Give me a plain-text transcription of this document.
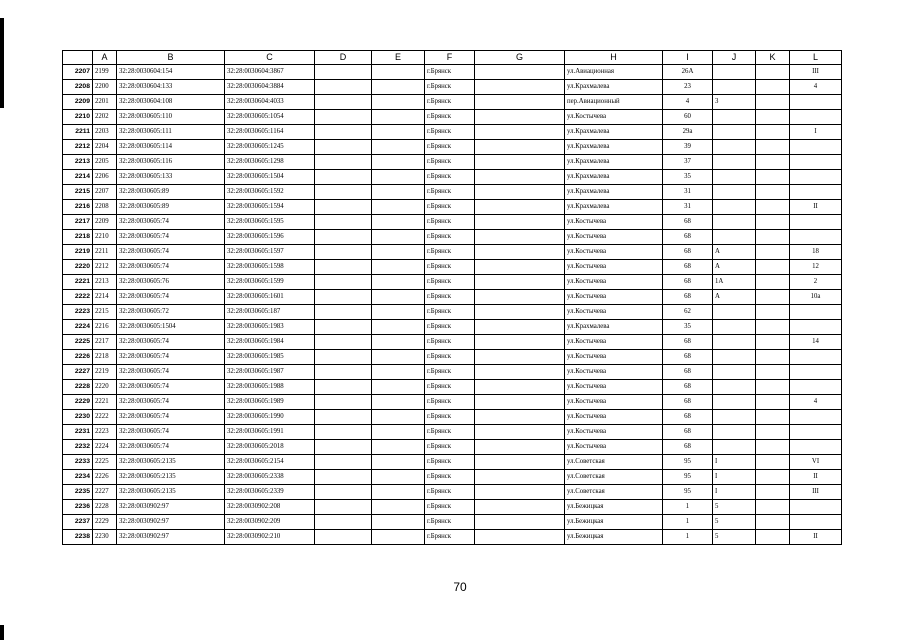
	A	B	C	D	E	F	G	H	I	J	K	L
2207	2199	32:28:0030604:154	32:28:0030604:3867			г.Брянск		ул.Авиационная	26А			III
2208	2200	32:28:0030604:133	32:28:0030604:3884			г.Брянск		ул.Крахмалева	23			4
2209	2201	32:28:0030604:108	32:28:0030604:4033			г.Брянск		пер.Авиационный	4	3		
2210	2202	32:28:0030605:110	32:28:0030605:1054			г.Брянск		ул.Костычева	60			
2211	2203	32:28:0030605:111	32:28:0030605:1164			г.Брянск		ул.Крахмалева	29а			I
2212	2204	32:28:0030605:114	32:28:0030605:1245			г.Брянск		ул.Крахмалева	39			
2213	2205	32:28:0030605:116	32:28:0030605:1298			г.Брянск		ул.Крахмалева	37			
2214	2206	32:28:0030605:133	32:28:0030605:1504			г.Брянск		ул.Крахмалева	35			
2215	2207	32:28:0030605:89	32:28:0030605:1592			г.Брянск		ул.Крахмалева	31			
2216	2208	32:28:0030605:89	32:28:0030605:1594			г.Брянск		ул.Крахмалева	31			II
2217	2209	32:28:0030605:74	32:28:0030605:1595			г.Брянск		ул.Костычева	68			
2218	2210	32:28:0030605:74	32:28:0030605:1596			г.Брянск		ул.Костычева	68			
2219	2211	32:28:0030605:74	32:28:0030605:1597			г.Брянск		ул.Костычева	68	А		18
2220	2212	32:28:0030605:74	32:28:0030605:1598			г.Брянск		ул.Костычева	68	А		12
2221	2213	32:28:0030605:76	32:28:0030605:1599			г.Брянск		ул.Костычева	68	1А		2
2222	2214	32:28:0030605:74	32:28:0030605:1601			г.Брянск		ул.Костычева	68	А		10а
2223	2215	32:28:0030605:72	32:28:0030605:187			г.Брянск		ул.Костычева	62			
2224	2216	32:28:0030605:1504	32:28:0030605:1983			г.Брянск		ул.Крахмалева	35			
2225	2217	32:28:0030605:74	32:28:0030605:1984			г.Брянск		ул.Костычева	68			14
2226	2218	32:28:0030605:74	32:28:0030605:1985			г.Брянск		ул.Костычева	68			
2227	2219	32:28:0030605:74	32:28:0030605:1987			г.Брянск		ул.Костычева	68			
2228	2220	32:28:0030605:74	32:28:0030605:1988			г.Брянск		ул.Костычева	68			
2229	2221	32:28:0030605:74	32:28:0030605:1989			г.Брянск		ул.Костычева	68			4
2230	2222	32:28:0030605:74	32:28:0030605:1990			г.Брянск		ул.Костычева	68			
2231	2223	32:28:0030605:74	32:28:0030605:1991			г.Брянск		ул.Костычева	68			
2232	2224	32:28:0030605:74	32:28:0030605:2018			г.Брянск		ул.Костычева	68			
2233	2225	32:28:0030605:2135	32:28:0030605:2154			г.Брянск		ул.Советская	95	I		VI
2234	2226	32:28:0030605:2135	32:28:0030605:2338			г.Брянск		ул.Советская	95	I		II
2235	2227	32:28:0030605:2135	32:28:0030605:2339			г.Брянск		ул.Советская	95	I		III
2236	2228	32:28:0030902:97	32:28:0030902:208			г.Брянск		ул.Бежицкая	1	5		
2237	2229	32:28:0030902:97	32:28:0030902:209			г.Брянск		ул.Бежицкая	1	5		
2238	2230	32:28:0030902:97	32:28:0030902:210			г.Брянск		ул.Бежицкая	1	5		II
70
